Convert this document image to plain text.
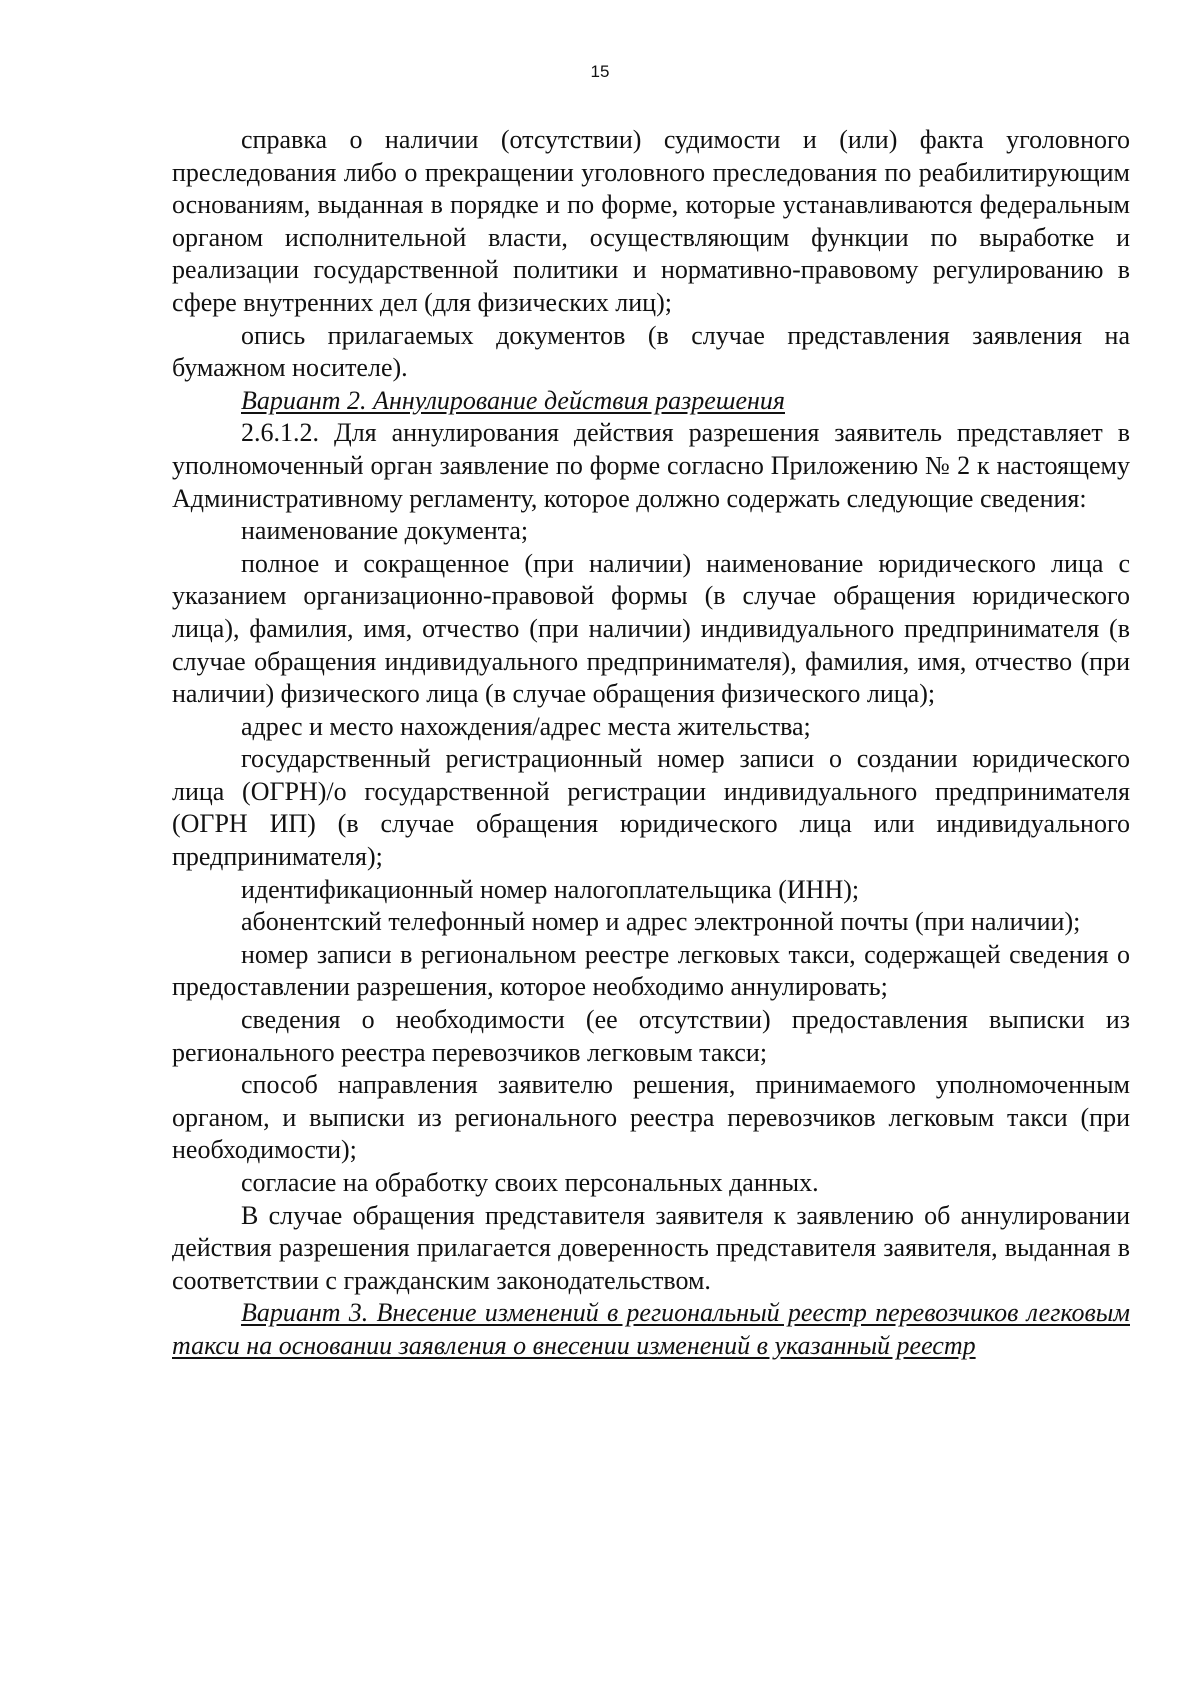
15

справка о наличии (отсутствии) судимости и (или) факта уголовного преследования либо о прекращении уголовного преследования по реабилитирующим основаниям, выданная в порядке и по форме, которые устанавливаются федеральным органом исполнительной власти, осуществляющим функции по выработке и реализации государственной политики и нормативно-правовому регулированию в сфере внутренних дел (для физических лиц);

опись прилагаемых документов (в случае представления заявления на бумажном носителе).

Вариант 2. Аннулирование действия разрешения

2.6.1.2. Для аннулирования действия разрешения заявитель представляет в уполномоченный орган заявление по форме согласно Приложению № 2 к настоящему Административному регламенту, которое должно содержать следующие сведения:

наименование документа;

полное и сокращенное (при наличии) наименование юридического лица с указанием организационно-правовой формы (в случае обращения юридического лица), фамилия, имя, отчество (при наличии) индивидуального предпринимателя (в случае обращения индивидуального предпринимателя), фамилия, имя, отчество (при наличии) физического лица (в случае обращения физического лица);

адрес и место нахождения/адрес места жительства;

государственный регистрационный номер записи о создании юридического лица (ОГРН)/о государственной регистрации индивидуального предпринимателя (ОГРН ИП) (в случае обращения юридического лица или индивидуального предпринимателя);

идентификационный номер налогоплательщика (ИНН);

абонентский телефонный номер и адрес электронной почты (при наличии);

номер записи в региональном реестре легковых такси, содержащей сведения о предоставлении разрешения, которое необходимо аннулировать;

сведения о необходимости (ее отсутствии) предоставления выписки из регионального реестра перевозчиков легковым такси;

способ направления заявителю решения, принимаемого уполномоченным органом, и выписки из регионального реестра перевозчиков легковым такси (при необходимости);

согласие на обработку своих персональных данных.

В случае обращения представителя заявителя к заявлению об аннулировании действия разрешения прилагается доверенность представителя заявителя, выданная в соответствии с гражданским законодательством.

Вариант 3. Внесение изменений в региональный реестр перевозчиков легковым такси на основании заявления о внесении изменений в указанный реестр
